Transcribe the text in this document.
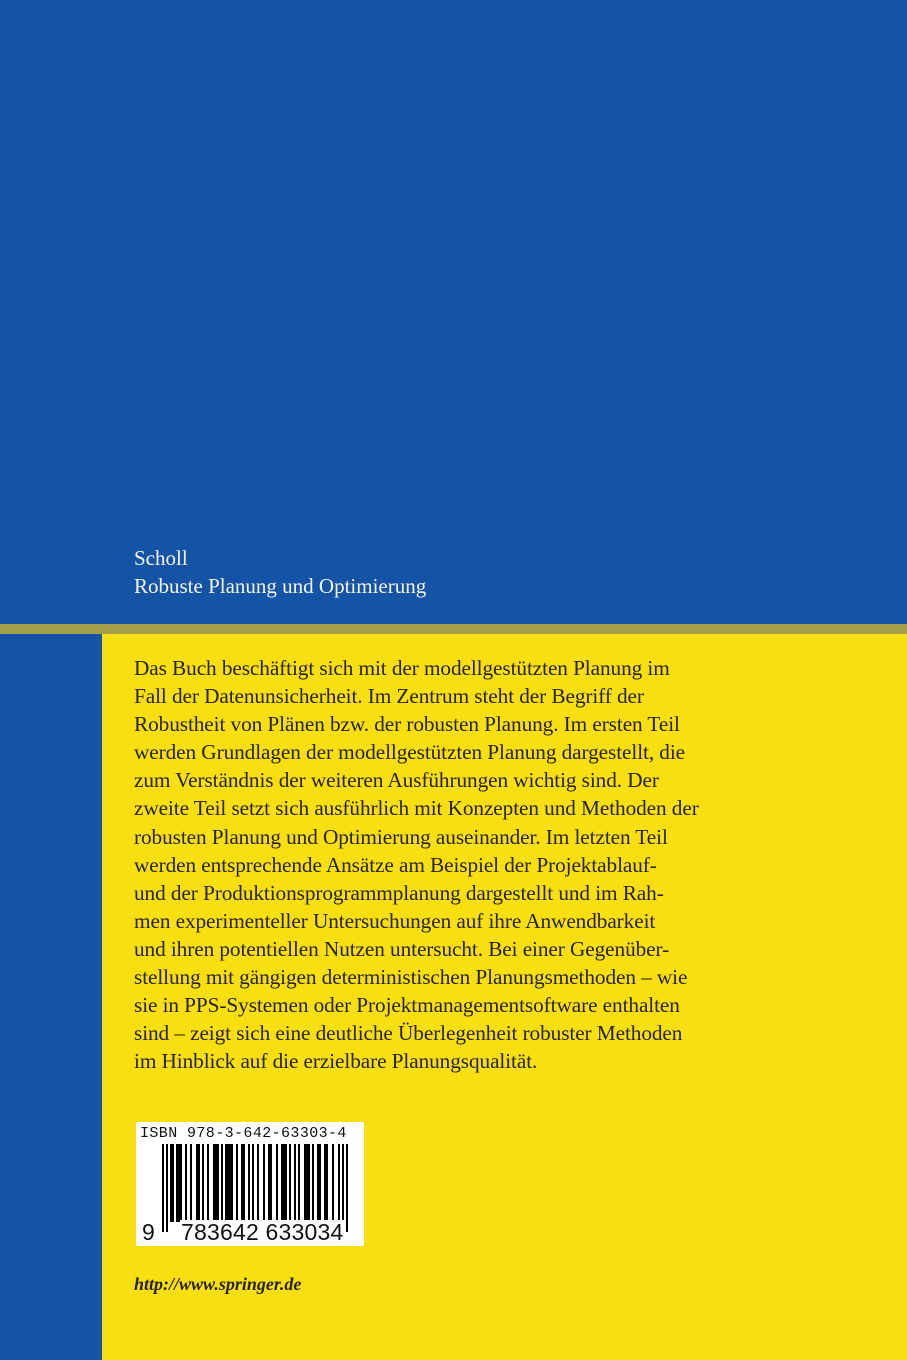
Scholl
Robuste Planung und Optimierung
Das Buch beschäftigt sich mit der modellgestützten Planung im
Fall der Datenunsicherheit. Im Zentrum steht der Begriff der
Robustheit von Plänen bzw. der robusten Planung. Im ersten Teil
werden Grundlagen der modellgestützten Planung dargestellt, die
zum Verständnis der weiteren Ausführungen wichtig sind. Der
zweite Teil setzt sich ausführlich mit Konzepten und Methoden der
robusten Planung und Optimierung auseinander. Im letzten Teil
werden entsprechende Ansätze am Beispiel der Projektablauf-
und der Produktionsprogrammplanung dargestellt und im Rah-
men experimenteller Untersuchungen auf ihre Anwendbarkeit
und ihren potentiellen Nutzen untersucht. Bei einer Gegenüber-
stellung mit gängigen deterministischen Planungsmethoden – wie
sie in PPS-Systemen oder Projektmanagementsoftware enthalten
sind – zeigt sich eine deutliche Überlegenheit robuster Methoden
im Hinblick auf die erzielbare Planungsqualität.
ISBN 978-3-642-63303-4
9 783642 633034
http://www.springer.de
